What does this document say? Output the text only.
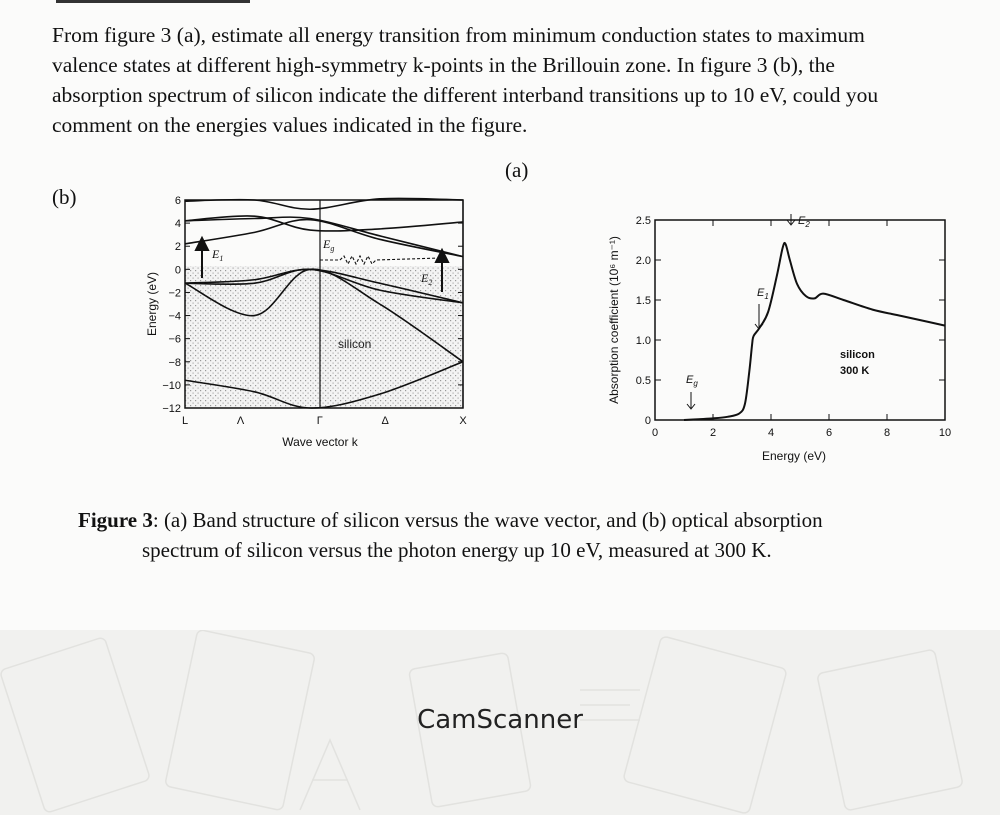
From figure 3 (a), estimate all energy transition from minimum conduction states to maximum
valence states at different high-symmetry k-points in the Brillouin zone. In figure 3 (b), the
absorption spectrum of silicon indicate the different interband transitions up to 10 eV, could you
comment on the energies values indicated in the figure.
(a)
(b)	6
4
2
0
−2
−4
−6
−8
−10
−12
$E_1$
$E_g$
$E_2$
silicon
L	Λ	Γ	Δ	X
Energy (eV)
Wave vector k
0
0.5
1.0
1.5
2.0
2.5
0	2	4	6	8	10
$E_g$
$E_1$
$E_2$
silicon
300 K
Absorption coefficient (10⁶ m⁻¹)
Energy (eV)
Figure 3: (a) Band structure of silicon versus the wave vector, and (b) optical absorption
spectrum of silicon versus the photon energy up 10 eV, measured at 300 K.
CamScanner
